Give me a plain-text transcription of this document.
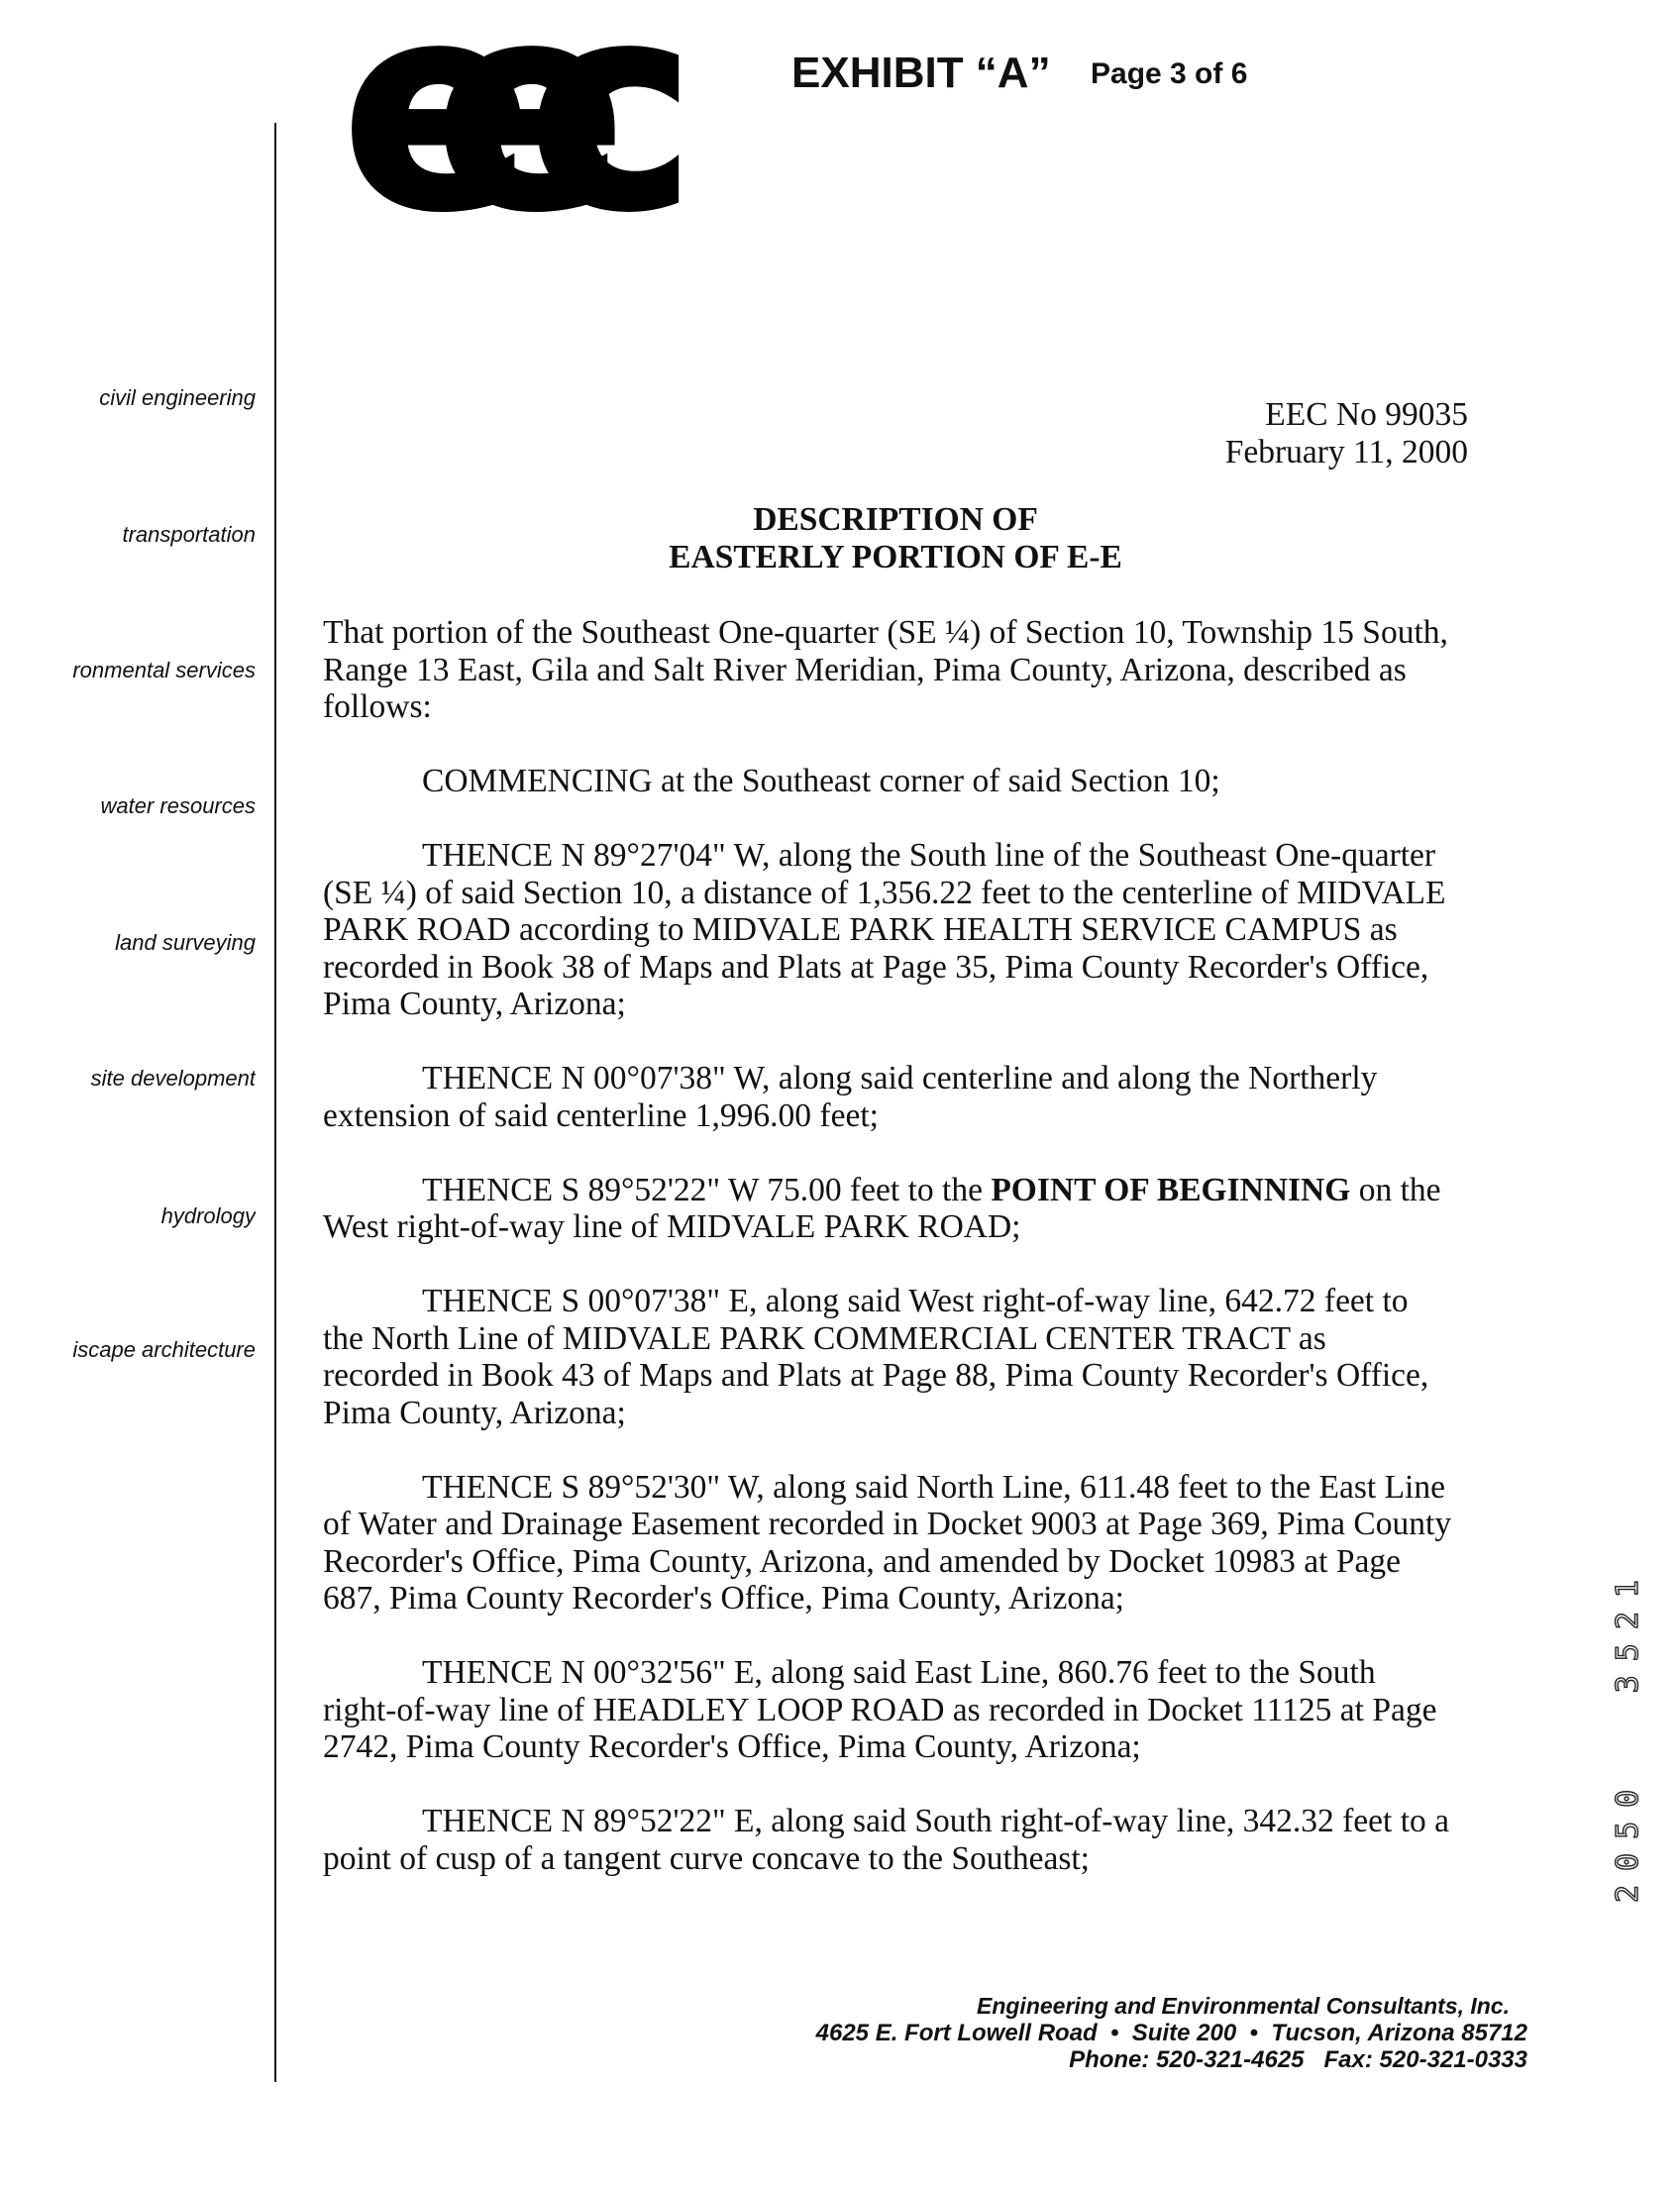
eec EXHIBIT “A” Page 3 of 6
civil engineering
transportation
ronmental services
water resources
land surveying
site development
hydrology
iscape architecture
EEC No 99035
February 11, 2000
DESCRIPTION OF
EASTERLY PORTION OF E-E
That portion of the Southeast One-quarter (SE ¼) of Section 10, Township 15 South,
Range 13 East, Gila and Salt River Meridian, Pima County, Arizona, described as
follows:
COMMENCING at the Southeast corner of said Section 10;
THENCE N 89°27'04" W, along the South line of the Southeast One-quarter
(SE ¼) of said Section 10, a distance of 1,356.22 feet to the centerline of MIDVALE
PARK ROAD according to MIDVALE PARK HEALTH SERVICE CAMPUS as
recorded in Book 38 of Maps and Plats at Page 35, Pima County Recorder's Office,
Pima County, Arizona;
THENCE N 00°07'38" W, along said centerline and along the Northerly
extension of said centerline 1,996.00 feet;
THENCE S 89°52'22" W 75.00 feet to the POINT OF BEGINNING on the
West right-of-way line of MIDVALE PARK ROAD;
THENCE S 00°07'38" E, along said West right-of-way line, 642.72 feet to
the North Line of MIDVALE PARK COMMERCIAL CENTER TRACT as
recorded in Book 43 of Maps and Plats at Page 88, Pima County Recorder's Office,
Pima County, Arizona;
THENCE S 89°52'30" W, along said North Line, 611.48 feet to the East Line
of Water and Drainage Easement recorded in Docket 9003 at Page 369, Pima County
Recorder's Office, Pima County, Arizona, and amended by Docket 10983 at Page
687, Pima County Recorder's Office, Pima County, Arizona;
THENCE N 00°32'56" E, along said East Line, 860.76 feet to the South
right-of-way line of HEADLEY LOOP ROAD as recorded in Docket 11125 at Page
2742, Pima County Recorder's Office, Pima County, Arizona;
THENCE N 89°52'22" E, along said South right-of-way line, 342.32 feet to a
point of cusp of a tangent curve concave to the Southeast;	2050
3521
Engineering and Environmental Consultants, Inc.
4625 E. Fort Lowell Road  •  Suite 200  •  Tucson, Arizona 85712
Phone: 520-321-4625   Fax: 520-321-0333
